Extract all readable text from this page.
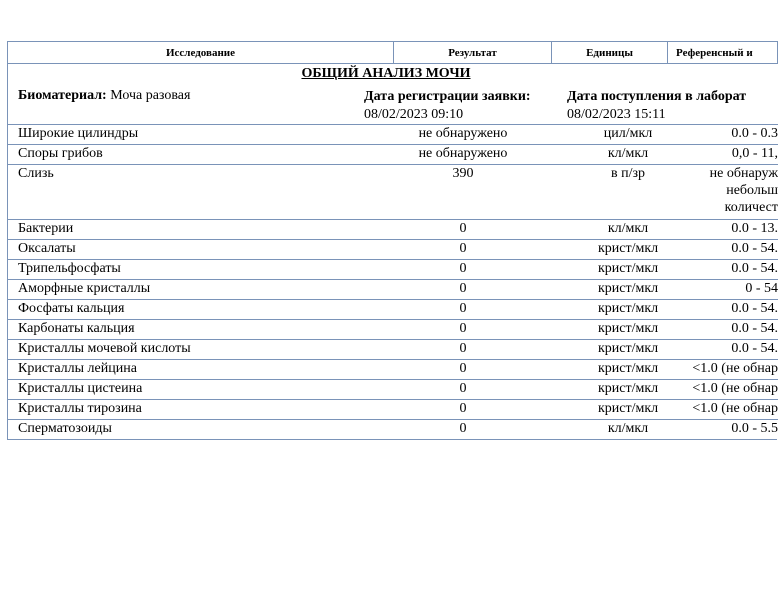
Исследование	Результат	Единицы	Референсный и
ОБЩИЙ АНАЛИЗ МОЧИ
Биоматериал: Моча разовая	Дата регистрации заявки:
08/02/2023 09:10
Дата поступления в лаборат
08/02/2023 15:11
Широкие цилиндры	не обнаружено	цил/мкл	0.0 - 0.3
Споры грибов	не обнаружено	кл/мкл	0,0 - 11,
Слизь	390	в п/зр	не обнаруж
небольш
количест

Бактерии	0	кл/мкл	0.0 - 13.
Оксалаты	0	крист/мкл	0.0 - 54.
Трипельфосфаты	0	крист/мкл	0.0 - 54.
Аморфные кристаллы	0	крист/мкл	0 - 54
Фосфаты кальция	0	крист/мкл	0.0 - 54.
Карбонаты кальция	0	крист/мкл	0.0 - 54.
Кристаллы мочевой кислоты	0	крист/мкл	0.0 - 54.
Кристаллы лейцина	0	крист/мкл	<1.0 (не обнар
Кристаллы цистеина	0	крист/мкл	<1.0 (не обнар
Кристаллы тирозина	0	крист/мкл	<1.0 (не обнар
Сперматозоиды	0	кл/мкл	0.0 - 5.5
